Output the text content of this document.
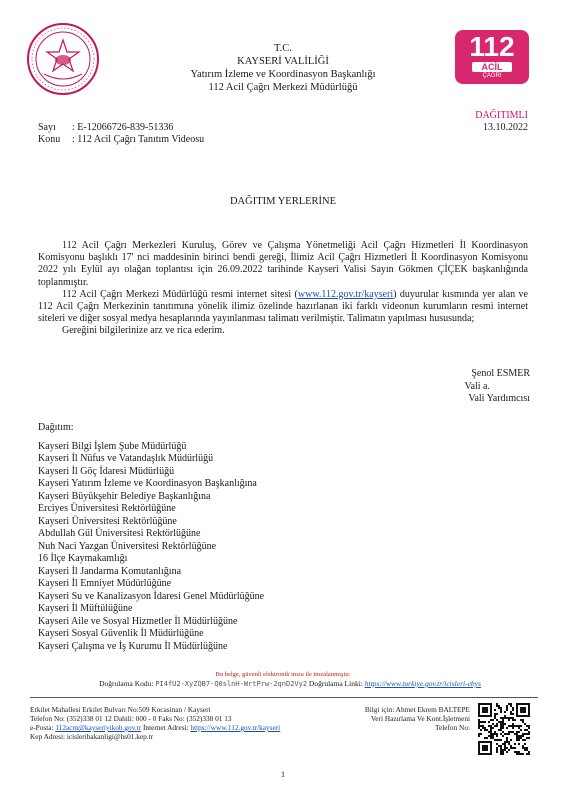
112
ACİL
ÇAĞRI
T.C.
KAYSERİ VALİLİĞİ
Yatırım İzleme ve Koordinasyon Başkanlığı
112 Acil Çağrı Merkezi Müdürlüğü
DAĞITIMLI
13.10.2022
Sayı : E-12066726-839-51336
Konu : 112 Acil Çağrı Tanıtım Videosu
DAĞITIM YERLERİNE

112 Acil Çağrı Merkezleri Kuruluş, Görev ve Çalışma Yönetmeliği Acil Çağrı Hizmetleri İl Koordinasyon Komisyonu başlıklı 17' nci maddesinin birinci bendi gereği, İlimiz Acil Çağrı Hizmetleri İl Koordinasyon Komisyonu 2022 yılı Eylül ayı olağan toplantısı için 26.09.2022 tarihinde Kayseri Valisi Sayın Gökmen ÇİÇEK başkanlığında toplanmıştır.

112 Acil Çağrı Merkezi Müdürlüğü resmi internet sitesi (www.112.gov.tr/kayseri) duyurular kısmında yer alan ve 112 Acil Çağrı Merkezinin tanıtımına yönelik ilimiz özelinde hazırlanan iki farklı videonun kurumların resmi internet siteleri ve diğer sosyal medya hesaplarında yayınlanması talimatı verilmiştir. Talimatın yapılması hususunda;

Gereğini bilgilerinize arz ve rica ederim.

Şenol ESMER
Vali a.
Vali Yardımcısı
Dağıtım:
Kayseri Bilgi İşlem Şube Müdürlüğü
Kayseri İl Nüfus ve Vatandaşlık Müdürlüğü
Kayseri İl Göç İdaresi Müdürlüğü
Kayseri Yatırım İzleme ve Koordinasyon Başkanlığına
Kayseri Büyükşehir Belediye Başkanlığına
Erciyes Üniversitesi Rektörlüğüne
Kayseri Üniversitesi Rektörlüğüne
Abdullah Gül Üniversitesi Rektörlüğüne
Nuh Naci Yazgan Üniversitesi Rektörlüğüne
16 İlçe Kaymakamlığı
Kayseri İl Jandarma Komutanlığına
Kayseri İl Emniyet Müdürlüğüne
Kayseri Su ve Kanalizasyon İdaresi Genel Müdürlüğüne
Kayseri İl Müftülüğüne
Kayseri Aile ve Sosyal Hizmetler İl Müdürlüğüne
Kayseri Sosyal Güvenlik İl Müdürlüğüne
Kayseri Çalışma ve İş Kurumu İl Müdürlüğüne
Bu belge, güvenli elektronik imza ile imzalanmıştır.
Doğrulama Kodu: PI4fU2-XyZQB7-Q0slnH-WrtPrw-2qnD2Vy2 Doğrulama Linki: https://www.turkiye.gov.tr/icisleri-ebys
Erkilet Mahallesi Erkilet Bulvarı No:509 Kocasinan / Kayseri
Telefon No: (352)338 01 12 Dahili: 000 - 0 Faks No: (352)338 01 13
e-Posta: 112acm@kayseriyikob.gov.tr İnternet Adresi: https://www.112.gov.tr/kayseri
Kep Adresi: icisleribakanligi@hs01.kep.tr
Bilgi için: Ahmet Ekrem BALTEPE
Veri Hazırlama Ve Kont.İşletmeni
Telefon No:
1
